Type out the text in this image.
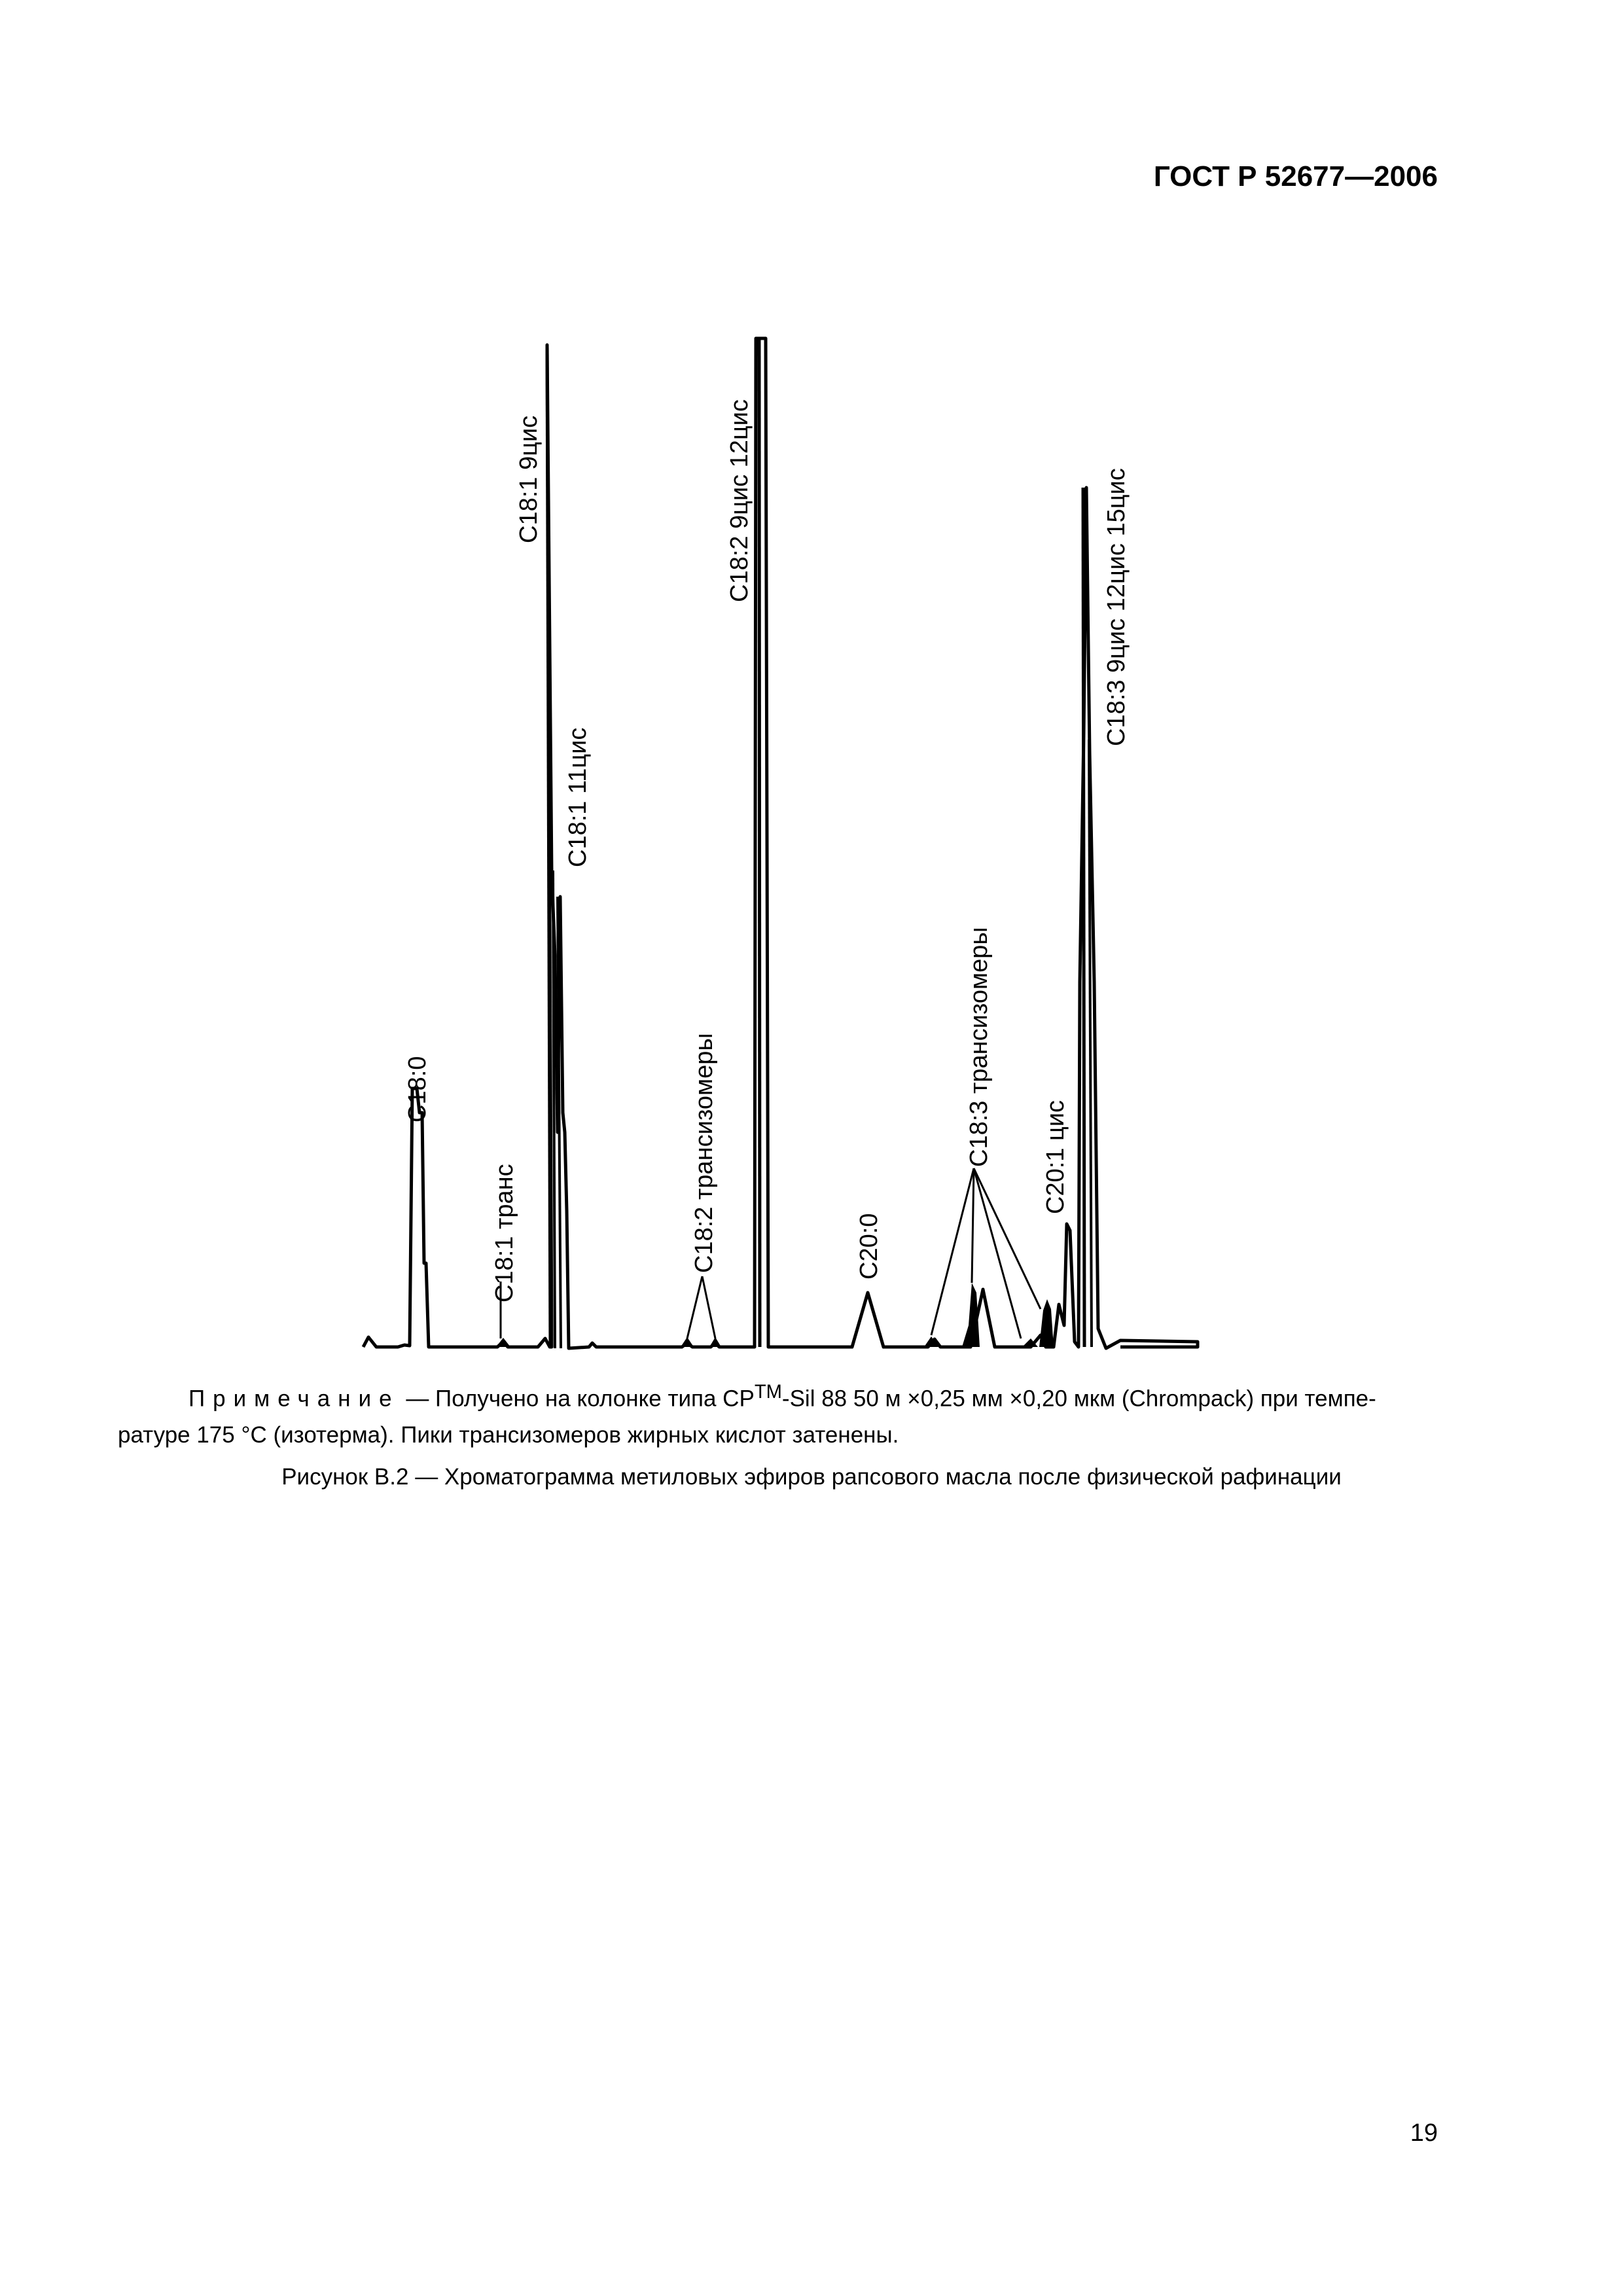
ГОСТ Р 52677—2006
C18:0
C18:1 транс
C18:1 9цис
C18:1 11цис
C18:2 трансизомеры
C18:2 9цис 12цис
C20:0
C18:3 трансизомеры C20:1 цис
C18:3 9цис 12цис 15цис
Примечание — Получено на колонке типа CP™-Sil 88 50 м ×0,25 мм ×0,20 мкм (Chrompack) при темпе-
ратуре 175 °С (изотерма). Пики трансизомеров жирных кислот затенены.
Рисунок В.2 — Хроматограмма метиловых эфиров рапсового масла после физической рафинации
19
